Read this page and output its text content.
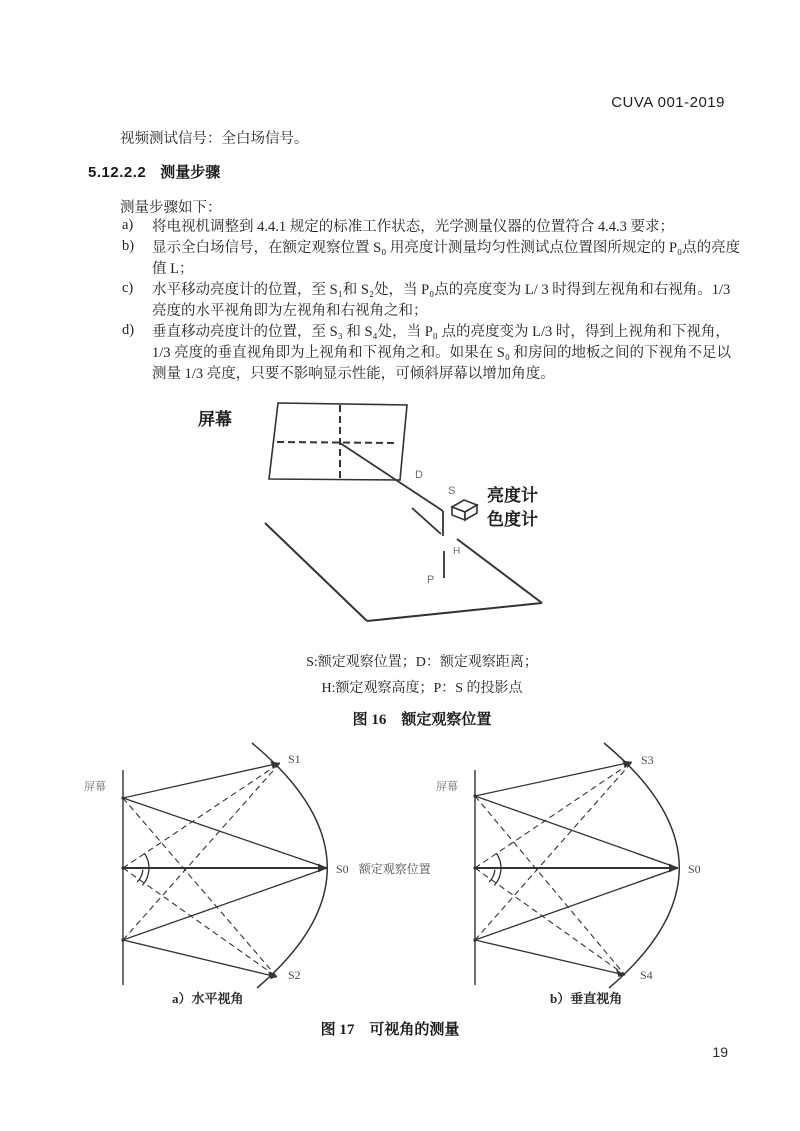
CUVA 001-2019
视频测试信号：全白场信号。
5.12.2.2 测量步骤
测量步骤如下：
a)	将电视机调整到 4.4.1 规定的标准工作状态，光学测量仪器的位置符合 4.4.3 要求；
b)	显示全白场信号，在额定观察位置 S₀ 用亮度计测量均匀性测试点位置图所规定的 P₀点的亮度
值 L；
c)	水平移动亮度计的位置，至 S₁和 S₂处，当 P₀点的亮度变为 L/ 3 时得到左视角和右视角。1/3
亮度的水平视角即为左视角和右视角之和；
d)	垂直移动亮度计的位置，至 S₃ 和 S₄处，当 P₀ 点的亮度变为 L/3 时，得到上视角和下视角，
1/3 亮度的垂直视角即为上视角和下视角之和。如果在 S₀ 和房间的地板之间的下视角不足以
测量 1/3 亮度，只要不影响显示性能，可倾斜屏幕以增加角度。
屏幕
D
S 亮度计
色度计
H
P
S:额定观察位置；D：额定观察距离；
H:额定观察高度；P：S 的投影点
图 16　额定观察位置
屏幕
S1
S0 额定观察位置
S2
a）水平视角
屏幕
S3
S0
S4
b）垂直视角
图 17　可视角的测量
19
